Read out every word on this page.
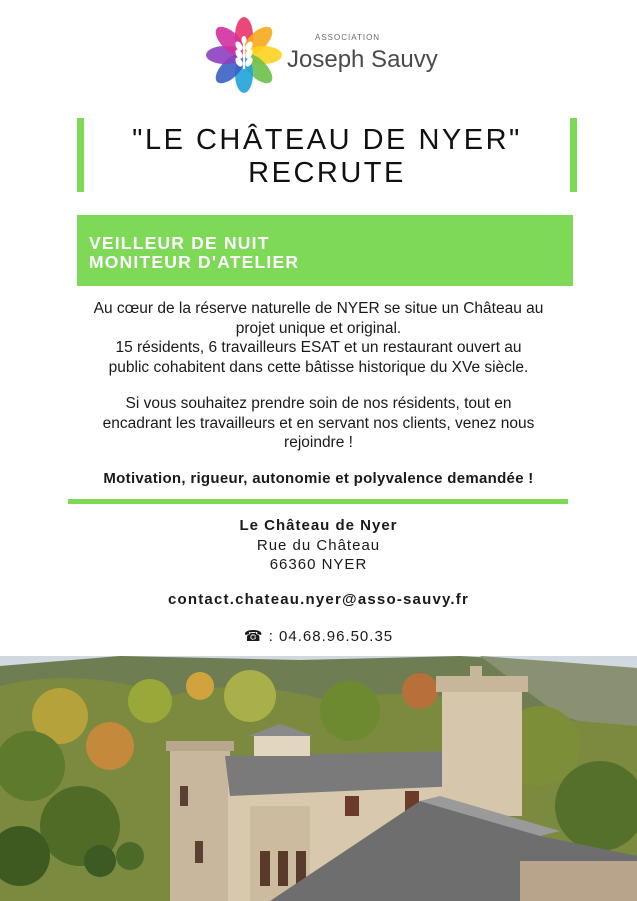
ASSOCIATION
Joseph Sauvy
"LE CHÂTEAU DE NYER"
RECRUTE
VEILLEUR DE NUIT
MONITEUR D'ATELIER
Au cœur de la réserve naturelle de NYER se situe un Château au
projet unique et original.
15 résidents, 6 travailleurs ESAT et un restaurant ouvert au
public cohabitent dans cette bâtisse historique du XVe siècle.
Si vous souhaitez prendre soin de nos résidents, tout en
encadrant les travailleurs et en servant nos clients, venez nous
rejoindre !
Motivation, rigueur, autonomie et polyvalence demandée !
Le Château de Nyer
Rue du Château
66360 NYER
contact.chateau.nyer@asso-sauvy.fr
☎ : 04.68.96.50.35
